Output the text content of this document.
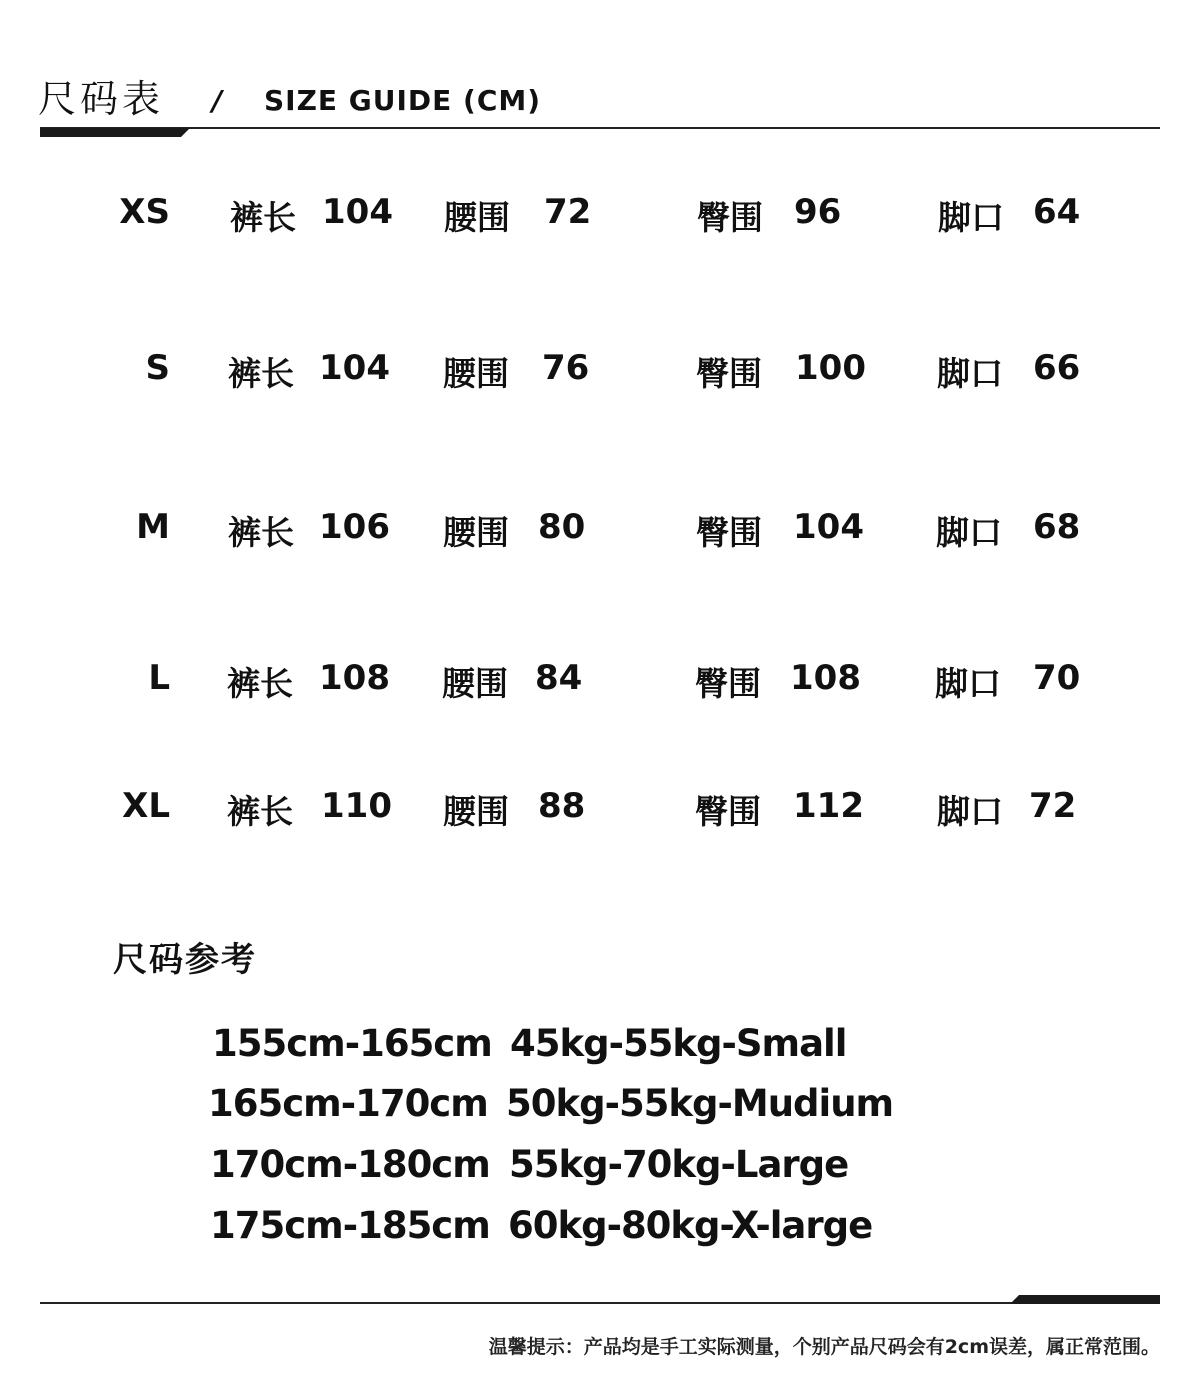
尺码表 / SIZE GUIDE (CM)
XS 裤长 104 腰围 72	臀围 96	脚口 64
S 裤长 104 腰围 76	臀围 100 脚口 66
M 裤长 106 腰围 80	臀围 104 脚口 68
L 裤长 108 腰围 84	臀围 108 脚口 70
XL 裤长 110 腰围 88	臀围 112 脚口 72
尺码参考
155cm-165cm 45kg-55kg-Small
165cm-170cm 50kg-55kg-Mudium
170cm-180cm 55kg-70kg-Large
175cm-185cm 60kg-80kg-X-large
温馨提示：产品均是手工实际测量，个别产品尺码会有2cm误差，属正常范围。
